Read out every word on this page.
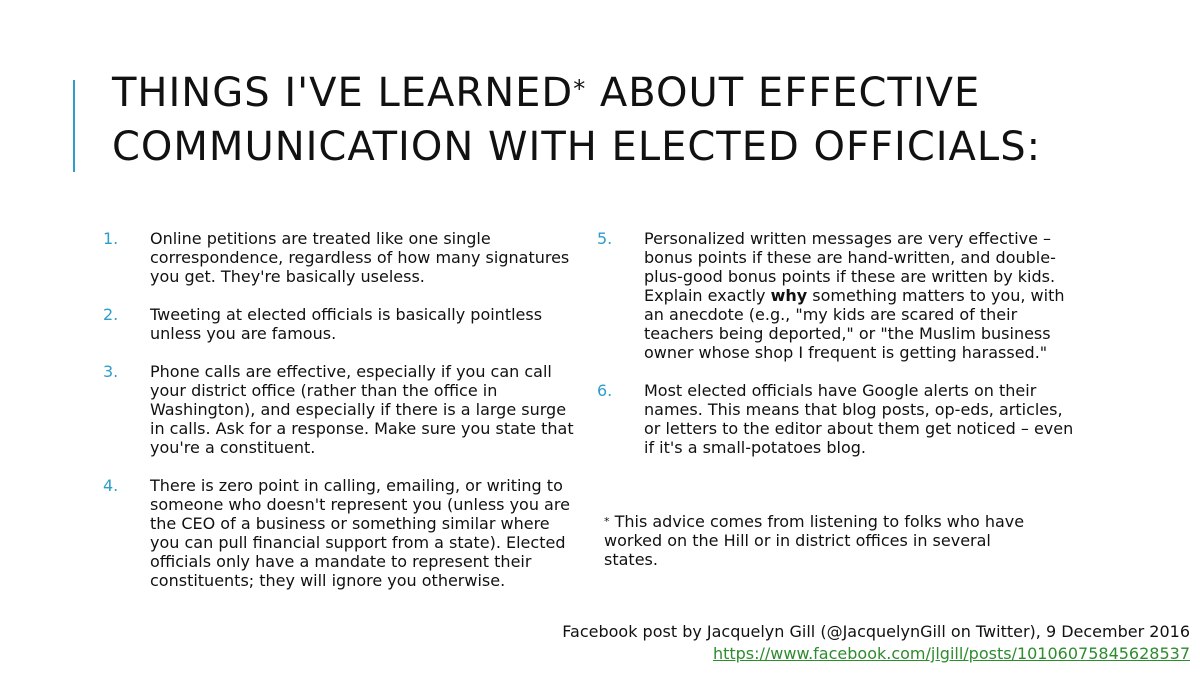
THINGS I'VE LEARNED* ABOUT EFFECTIVE COMMUNICATION WITH ELECTED OFFICIALS:
1.	Online petitions are treated like one single correspondence, regardless of how many signatures you get. They're basically useless.
2.	Tweeting at elected officials is basically pointless unless you are famous.
3.	Phone calls are effective, especially if you can call your district office (rather than the office in Washington), and especially if there is a large surge in calls. Ask for a response. Make sure you state that you're a constituent.
4.	There is zero point in calling, emailing, or writing to someone who doesn't represent you (unless you are the CEO of a business or something similar where you can pull financial support from a state). Elected officials only have a mandate to represent their constituents; they will ignore you otherwise.
5.	Personalized written messages are very effective – bonus points if these are hand-written, and double-plus-good bonus points if these are written by kids. Explain exactly why something matters to you, with an anecdote (e.g., "my kids are scared of their teachers being deported," or "the Muslim business owner whose shop I frequent is getting harassed."
6.	Most elected officials have Google alerts on their names. This means that blog posts, op-eds, articles, or letters to the editor about them get noticed – even if it's a small-potatoes blog.

* This advice comes from listening to folks who have worked on the Hill or in district offices in several states.

Facebook post by Jacquelyn Gill (@JacquelynGill on Twitter), 9 December 2016

https://www.facebook.com/jlgill/posts/10106075845628537
